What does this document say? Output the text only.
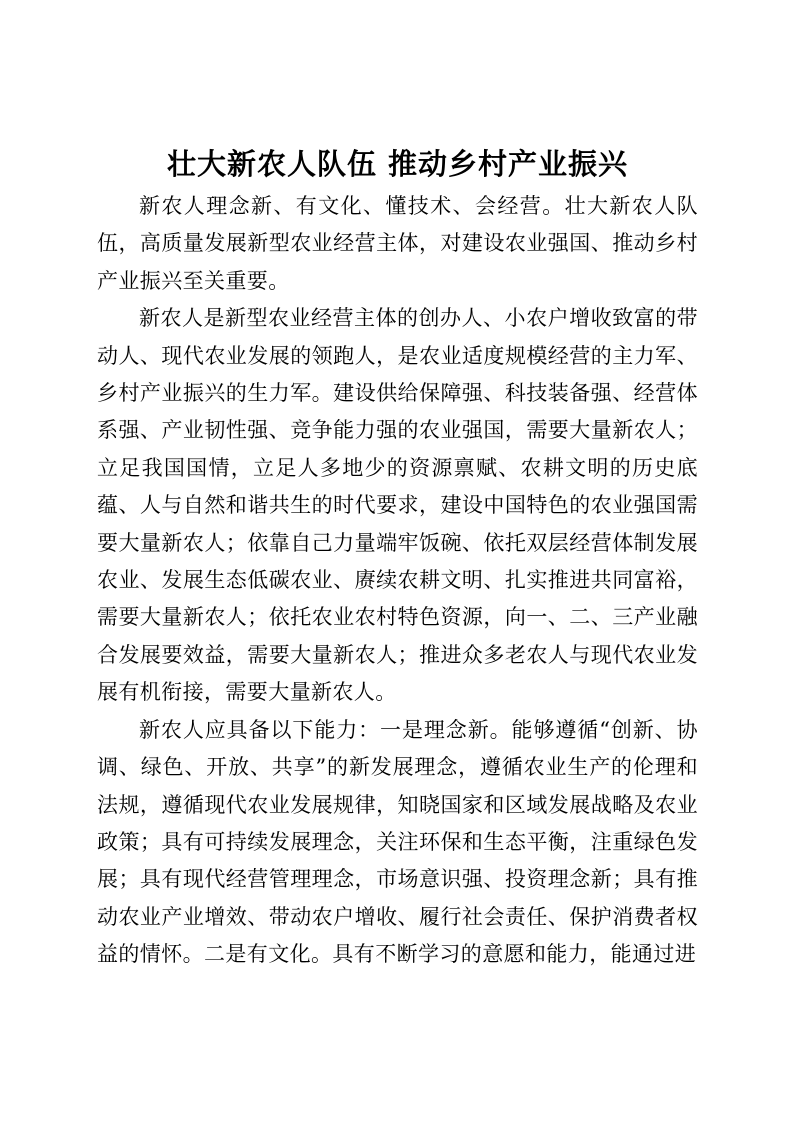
壮大新农人队伍 推动乡村产业振兴

新农人理念新、有文化、懂技术、会经营。壮大新农人队伍，高质量发展新型农业经营主体，对建设农业强国、推动乡村产业振兴至关重要。

新农人是新型农业经营主体的创办人、小农户增收致富的带动人、现代农业发展的领跑人，是农业适度规模经营的主力军、乡村产业振兴的生力军。建设供给保障强、科技装备强、经营体系强、产业韧性强、竞争能力强的农业强国，需要大量新农人；立足我国国情，立足人多地少的资源禀赋、农耕文明的历史底蕴、人与自然和谐共生的时代要求，建设中国特色的农业强国需要大量新农人；依靠自己力量端牢饭碗、依托双层经营体制发展农业、发展生态低碳农业、赓续农耕文明、扎实推进共同富裕，需要大量新农人；依托农业农村特色资源，向一、二、三产业融合发展要效益，需要大量新农人；推进众多老农人与现代农业发展有机衔接，需要大量新农人。

新农人应具备以下能力：一是理念新。能够遵循“创新、协调、绿色、开放、共享”的新发展理念，遵循农业生产的伦理和法规，遵循现代农业发展规律，知晓国家和区域发展战略及农业政策；具有可持续发展理念，关注环保和生态平衡，注重绿色发展；具有现代经营管理理念，市场意识强、投资理念新；具有推动农业产业增效、带动农户增收、履行社会责任、保护消费者权益的情怀。二是有文化。具有不断学习的意愿和能力，能通过进
